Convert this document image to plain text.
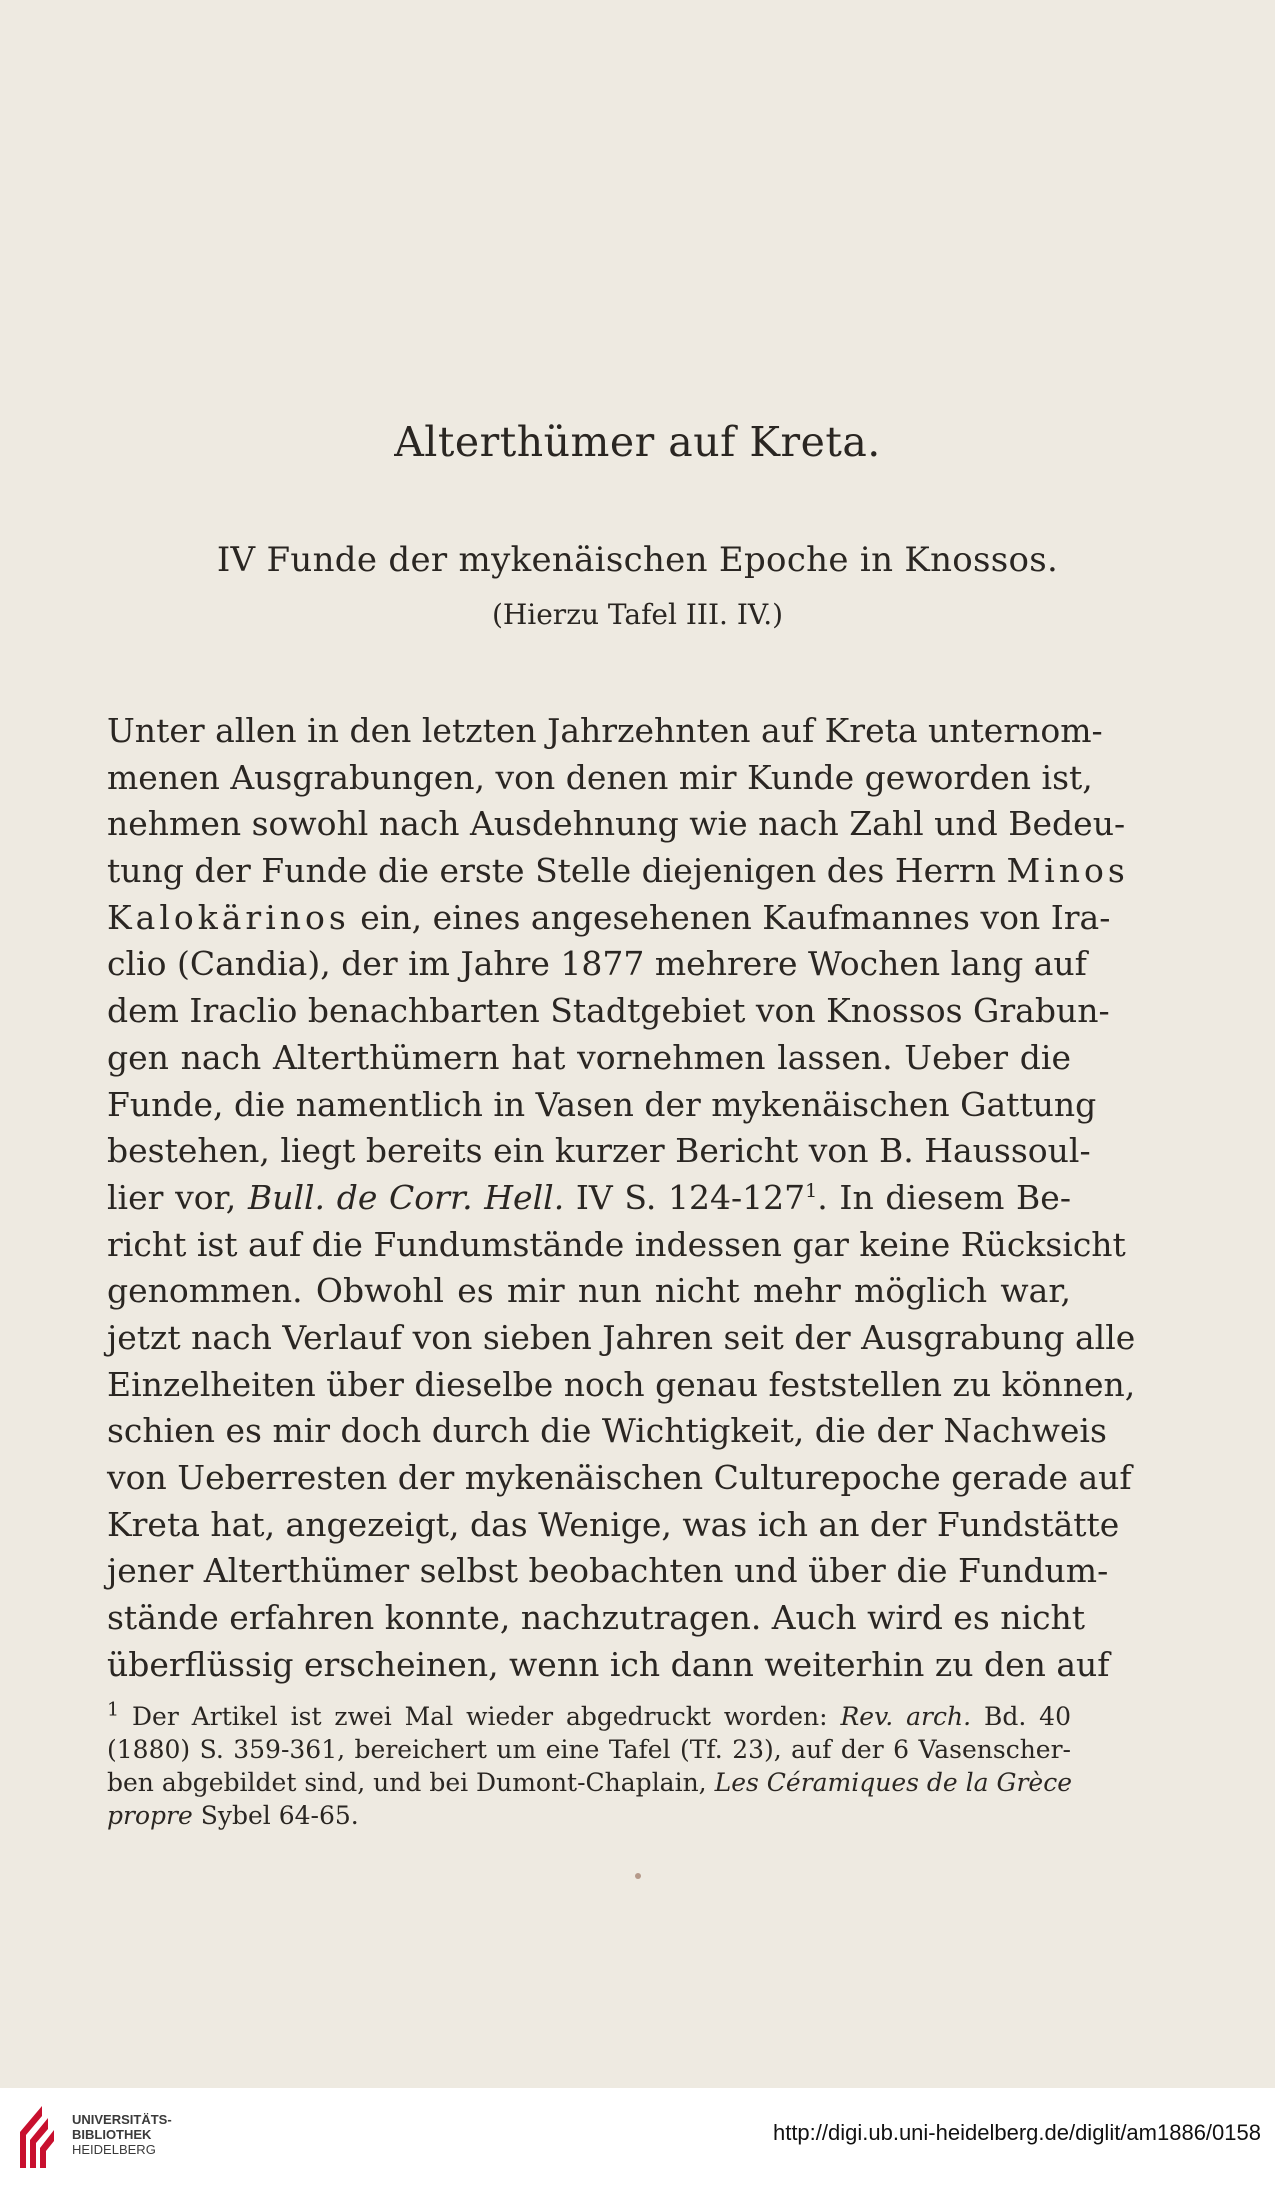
Alterthümer auf Kreta.
IV Funde der mykenäischen Epoche in Knossos.
(Hierzu Tafel III. IV.)
Unter allen in den letzten Jahrzehnten auf Kreta unternom-
menen Ausgrabungen, von denen mir Kunde geworden ist,
nehmen sowohl nach Ausdehnung wie nach Zahl und Bedeu-
tung der Funde die erste Stelle diejenigen des Herrn Minos
Kalokärinos ein, eines angesehenen Kaufmannes von Ira-
clio (Candia), der im Jahre 1877 mehrere Wochen lang auf
dem Iraclio benachbarten Stadtgebiet von Knossos Grabun-
gen nach Alterthümern hat vornehmen lassen. Ueber die
Funde, die namentlich in Vasen der mykenäischen Gattung
bestehen, liegt bereits ein kurzer Bericht von B. Haussoul-
lier vor, Bull. de Corr. Hell. IV S. $124-127^1$. In diesem Be-
richt ist auf die Fundumstände indessen gar keine Rücksicht
genommen. Obwohl es mir nun nicht mehr möglich war,
jetzt nach Verlauf von sieben Jahren seit der Ausgrabung alle
Einzelheiten über dieselbe noch genau feststellen zu können,
schien es mir doch durch die Wichtigkeit, die der Nachweis
von Ueberresten der mykenäischen Culturepoche gerade auf
Kreta hat, angezeigt, das Wenige, was ich an der Fundstätte
jener Alterthümer selbst beobachten und über die Fundum-
stände erfahren konnte, nachzutragen. Auch wird es nicht
überflüssig erscheinen, wenn ich dann weiterhin zu den auf
$^1$ Der Artikel ist zwei Mal wieder abgedruckt worden: Rev. arch. Bd. 40
(1880) S. 359-361, bereichert um eine Tafel (Tf. 23), auf der 6 Vasenscher-
ben abgebildet sind, und bei Dumont-Chaplain, Les Céramiques de la Grèce
propre Sybel 64-65.
UNIVERSITÄTS-
BIBLIOTHEK
HEIDELBERG
http://digi.ub.uni-heidelberg.de/diglit/am1886/0158
